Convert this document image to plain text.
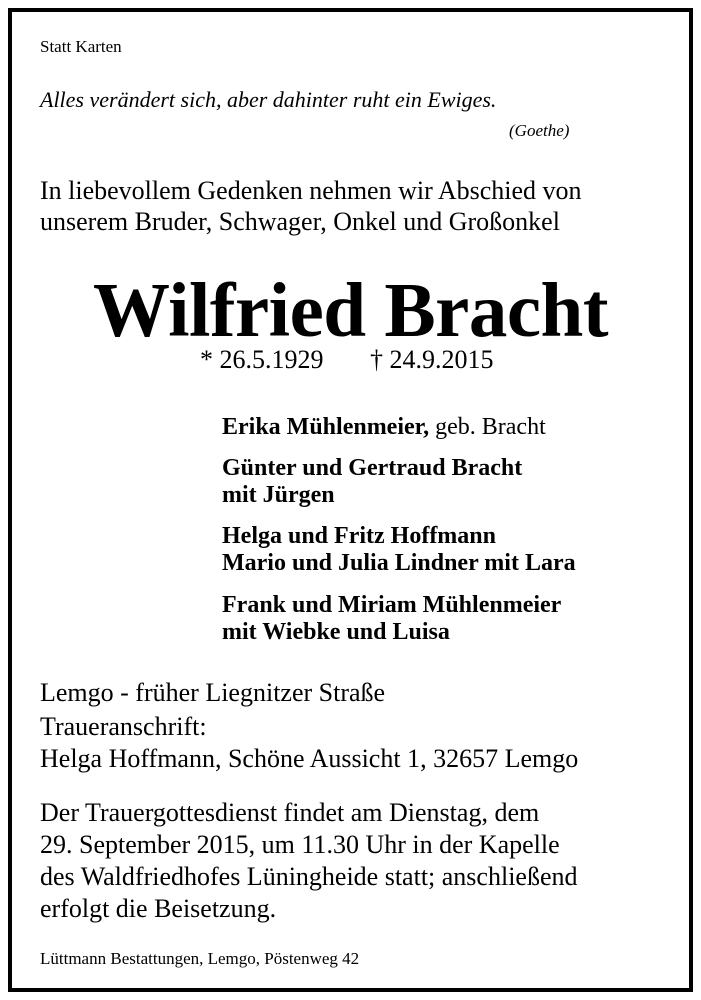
Statt Karten
Alles verändert sich, aber dahinter ruht ein Ewiges.
(Goethe)
In liebevollem Gedenken nehmen wir Abschied von
unserem Bruder, Schwager, Onkel und Großonkel
Wilfried Bracht
* 26.5.1929 † 24.9.2015
Erika Mühlenmeier, geb. Bracht
Günter und Gertraud Bracht
mit Jürgen
Helga und Fritz Hoffmann
Mario und Julia Lindner mit Lara
Frank und Miriam Mühlenmeier
mit Wiebke und Luisa
Lemgo - früher Liegnitzer Straße
Traueranschrift:
Helga Hoffmann, Schöne Aussicht 1, 32657 Lemgo
Der Trauergottesdienst findet am Dienstag, dem
29. September 2015, um 11.30 Uhr in der Kapelle
des Waldfriedhofes Lüningheide statt; anschließend
erfolgt die Beisetzung.
Lüttmann Bestattungen, Lemgo, Pöstenweg 42
